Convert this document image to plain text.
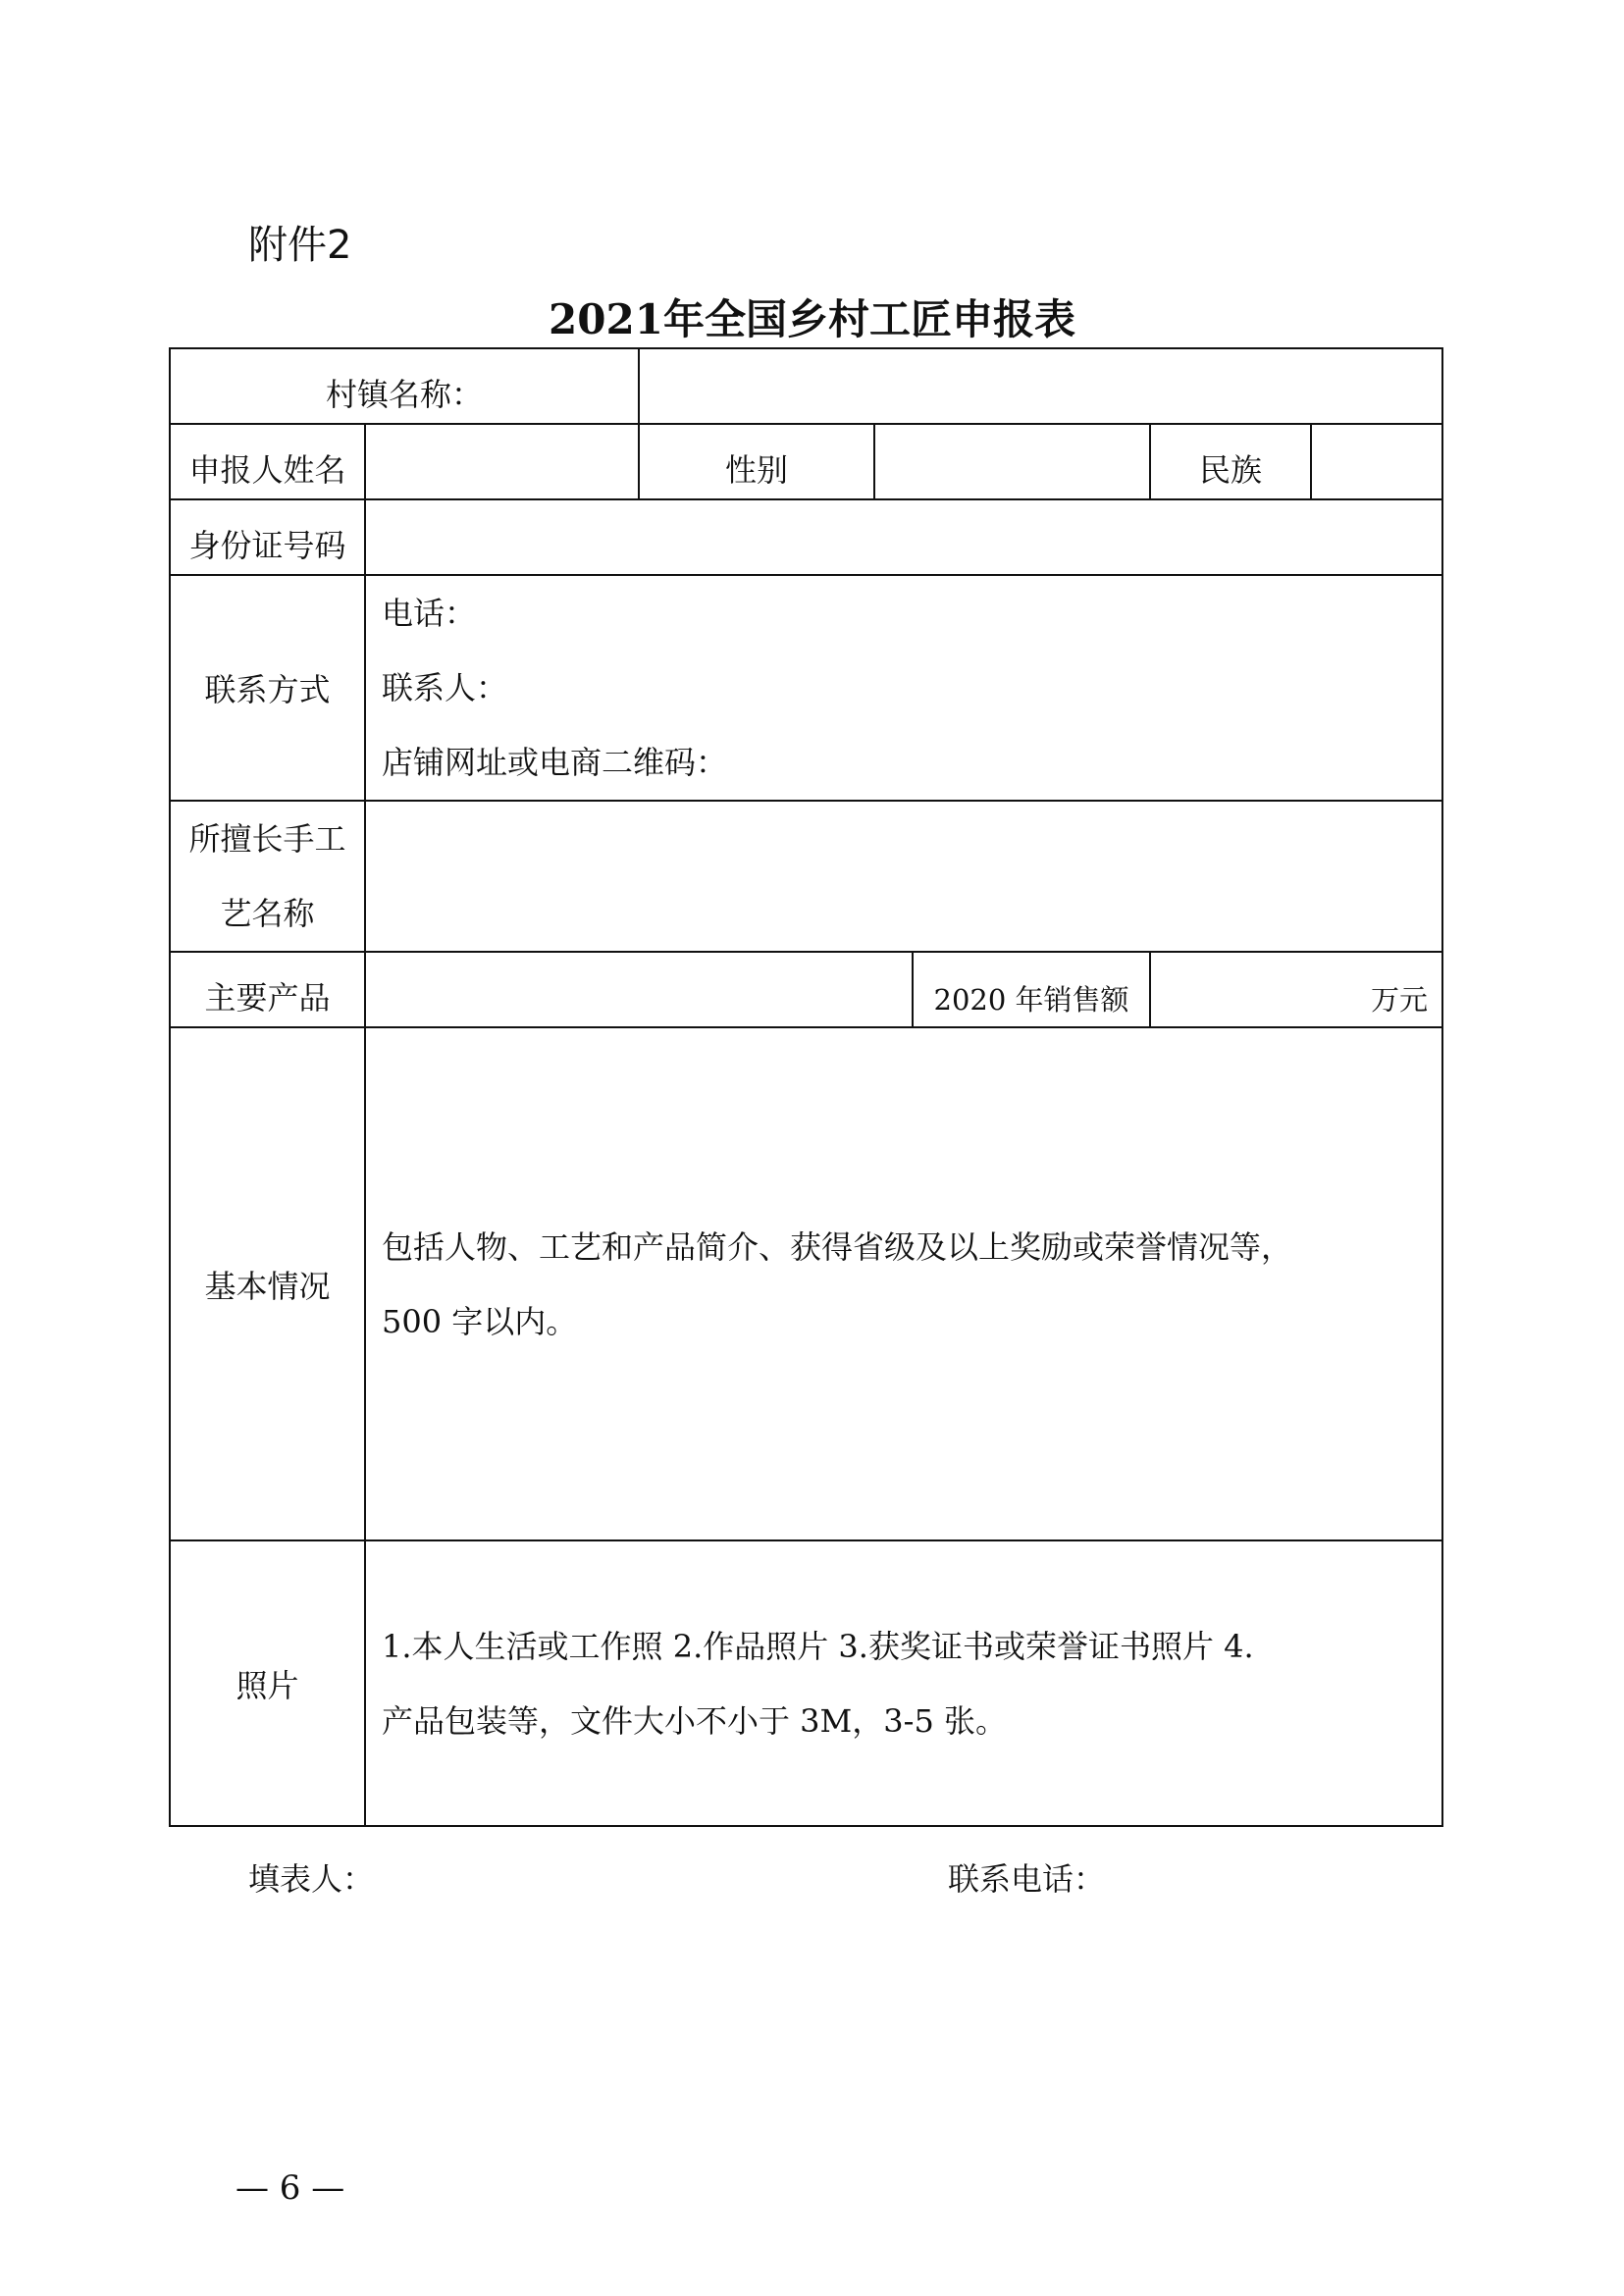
附件2
2021年全国乡村工匠申报表
村镇名称：						
申报人姓名		性别			民族	
身份证号码						
联系方式	电话：
联系人：
店铺网址或电商二维码：					

所擅长手工
艺名称						

主要产品				2020 年销售额	万元	
基本情况	包括人物、工艺和产品简介、获得省级及以上奖励或荣誉情况等，
500 字以内。					

照片	1.本人生活或工作照 2.作品照片 3.获奖证书或荣誉证书照片 4.
产品包装等，文件大小不小于 3M，3-5 张。					
填表人：	联系电话：
— 6 —
